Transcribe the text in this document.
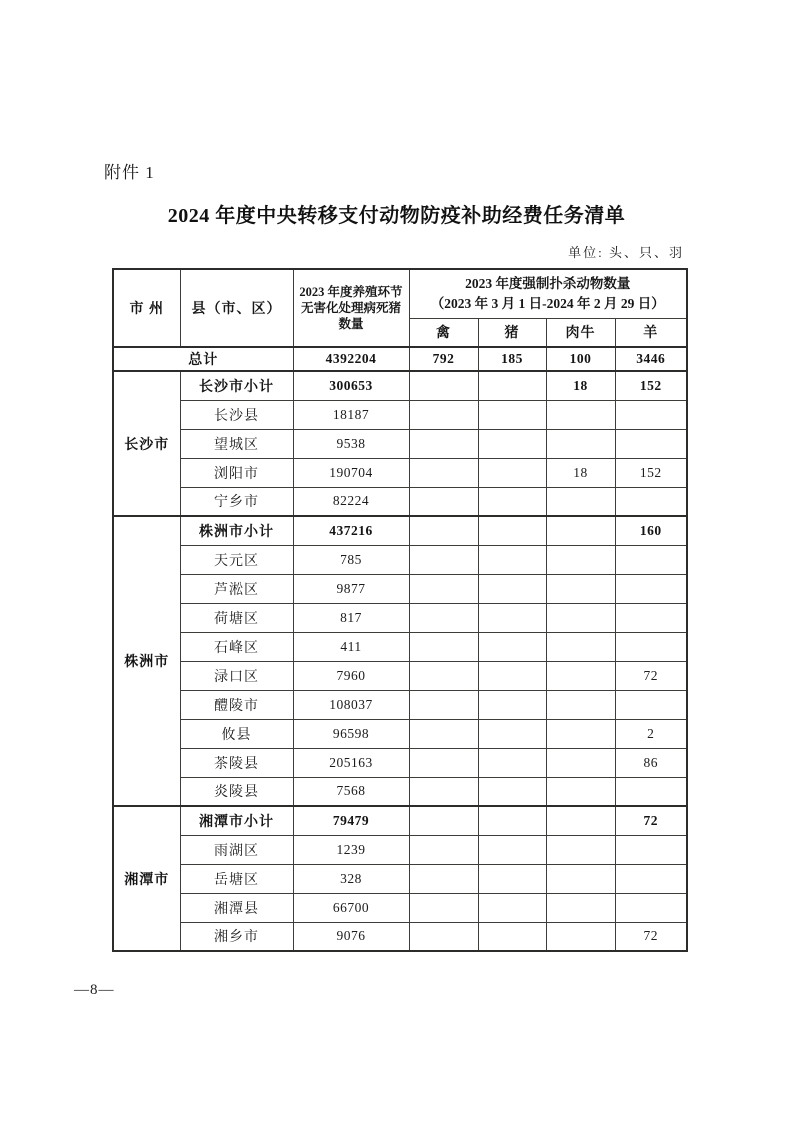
附件 1
2024 年度中央转移支付动物防疫补助经费任务清单
单位: 头、只、羽
市 州	县（市、区）	2023 年度养殖环节无害化处理病死猪数量	2023 年度强制扑杀动物数量
（2023 年 3 月 1 日-2024 年 2 月 29 日）			

			禽	猪	肉牛	羊
总计		4392204	792	185	100	3446
长沙市	长沙市小计	300653			18	152
	长沙县	18187				
	望城区	9538				
	浏阳市	190704			18	152
	宁乡市	82224				
株洲市	株洲市小计	437216				160
	天元区	785				
	芦淞区	9877				
	荷塘区	817				
	石峰区	411				
	渌口区	7960				72
	醴陵市	108037				
	攸县	96598				2
	茶陵县	205163				86
	炎陵县	7568				
湘潭市	湘潭市小计	79479				72
	雨湖区	1239				
	岳塘区	328				
	湘潭县	66700				
	湘乡市	9076				72
—8—
